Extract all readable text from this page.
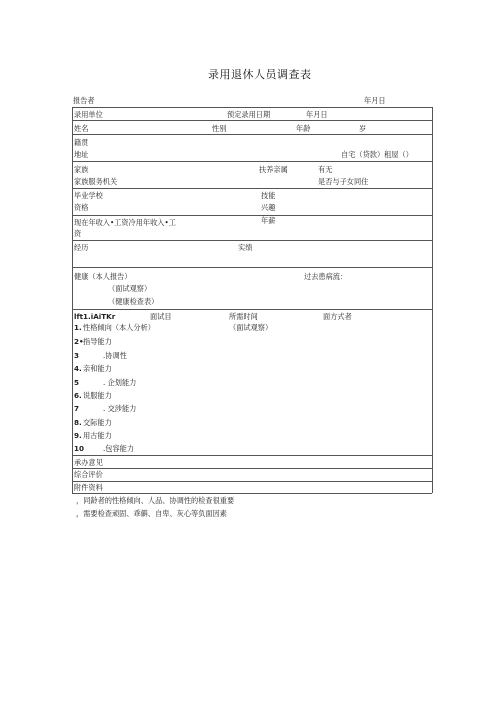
录用退休人员调查表
报告者	年月日
录用单位	预定录用日期	年月日
姓名	性别	年龄	岁
籍贯
地址	自宅（贷款）租屋（）
家族	扶养亲属	有无
家族服务机关	是否与子女同住
毕业学校	技能
资格	兴趣
现在年收入•工资冷用年收入•工
资
年薪
经历	实绩
健康（本人报告）	过去患病流：
（面试观察）
（健康检查表）
lft1.iAiTKr	面试目	所需时间	面方式者
（面试观察）
1. 性格倾向（本人分析）
2• 指导能力
3	.协调性
4. 亲和能力
5	. 企划能力
6. 说服能力
7	. 交涉能力
8. 交际能力
9. 用古能力
10	.包容能力
承办意见
综合评价
附件资料
，同龄者的性格倾向、人品、协调性的检查很重要
，需要检查顽固、乖僻、自卑、灰心等负面因素
